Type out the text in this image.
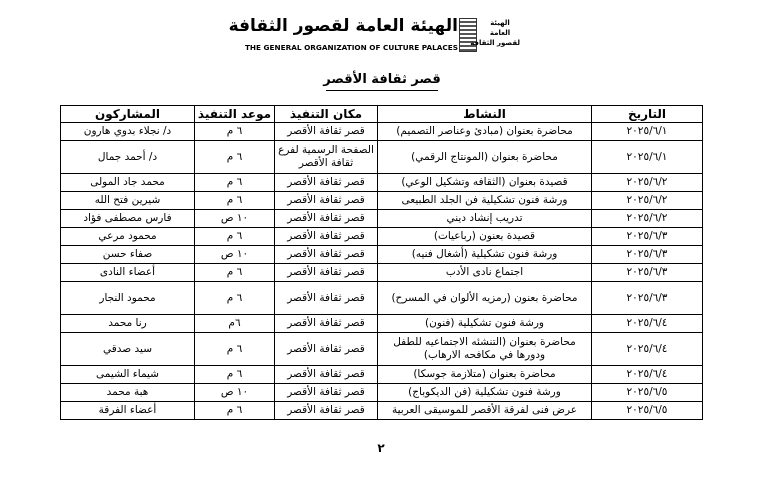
الهيئة العامة لقصور الثقافة
THE GENERAL ORGANIZATION OF CULTURE PALACES
الهيئة
العامة
لقصور الثقافة
قصر ثقافة الأقصر
التاريخ	النشاط	مكان التنفيذ	موعد التنفيذ	المشاركون
٢٠٢٥/٦/١	محاضرة بعنوان (مبادئ وعناصر التصميم)	قصر ثقافة الأقصر	٦ م	د/ نجلاء بدوي هارون
٢٠٢٥/٦/١	محاضرة بعنوان (المونتاج الرقمي)	الصفحة الرسمية لفرع ثقافة الأقصر	٦ م	د/ أحمد جمال
٢٠٢٥/٦/٢	قصيدة بعنوان (الثقافه وتشكيل الوعي)	قصر ثقافة الأقصر	٦ م	محمد جاد المولى
٢٠٢٥/٦/٢	ورشة فنون تشكيلية فن الجلد الطبيعى	قصر ثقافة الأقصر	٦ م	شيرين فتح الله
٢٠٢٥/٦/٢	تدريب إنشاد ديني	قصر ثقافة الأقصر	١٠ ص	فارس مصطفى فؤاد
٢٠٢٥/٦/٣	قصيدة بعنون (رباعيات)	قصر ثقافة الأقصر	٦ م	محمود مرعي
٢٠٢٥/٦/٣	ورشة فنون تشكيلية (أشغال فنيه)	قصر ثقافة الأقصر	١٠ ص	صفاء حسن
٢٠٢٥/٦/٣	اجتماع نادى الأدب	قصر ثقافة الأقصر	٦ م	أعضاء النادى
٢٠٢٥/٦/٣	محاضرة بعنون (رمزيه الألوان في المسرح)	قصر ثقافة الأقصر	٦ م	محمود النجار
٢٠٢٥/٦/٤	ورشة فنون تشكيلية (فنون)	قصر ثقافة الأقصر	٦م	رنا محمد
٢٠٢٥/٦/٤	محاضرة بعنوان (التنشئه الاجتماعيه للطفل ودورها في مكافحه الارهاب)	قصر ثقافة الأقصر	٦ م	سيد صدقي
٢٠٢٥/٦/٤	محاضرة بعنوان (متلازمة جوسكا)	قصر ثقافة الأقصر	٦ م	شيماء الشيمى
٢٠٢٥/٦/٥	ورشة فنون تشكيلية (فن الديكوباج)	قصر ثقافة الأقصر	١٠ ص	هبة محمد
٢٠٢٥/٦/٥	عرض فنى لفرقة الأقصر للموسيقى العربية	قصر ثقافة الأقصر	٦ م	أعضاء الفرقة
٢
